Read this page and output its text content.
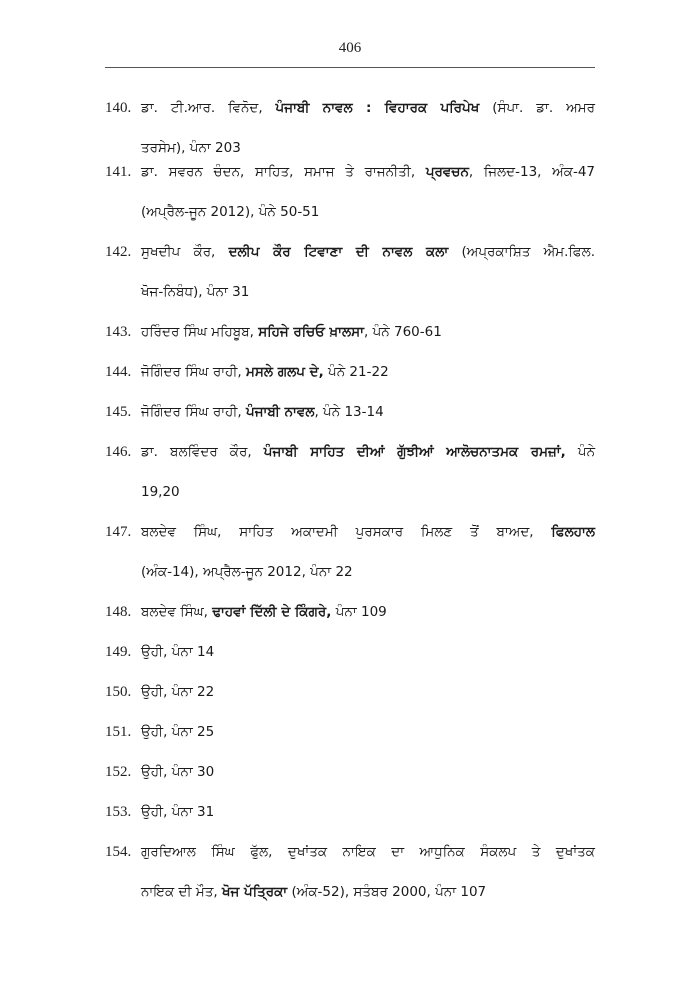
406
140. ਡਾ. ਟੀ.ਆਰ. ਵਿਨੋਦ, ਪੰਜਾਬੀ ਨਾਵਲ : ਵਿਹਾਰਕ ਪਰਿਪੇਖ (ਸੰਪਾ. ਡਾ. ਅਮਰ
ਤਰਸੇਮ), ਪੰਨਾ 203
141. ਡਾ. ਸਵਰਨ ਚੰਦਨ, ਸਾਹਿਤ, ਸਮਾਜ ਤੇ ਰਾਜਨੀਤੀ, ਪ੍ਰਵਚਨ, ਜਿਲਦ-13, ਅੰਕ-47
(ਅਪ੍ਰੈਲ-ਜੂਨ 2012), ਪੰਨੇ 50-51
142. ਸੁਖਦੀਪ ਕੌਰ, ਦਲੀਪ ਕੌਰ ਟਿਵਾਣਾ ਦੀ ਨਾਵਲ ਕਲਾ (ਅਪ੍ਰਕਾਸ਼ਿਤ ਐਮ.ਫਿਲ.
ਖੋਜ-ਨਿਬੰਧ), ਪੰਨਾ 31
143. ਹਰਿੰਦਰ ਸਿੰਘ ਮਹਿਬੂਬ, ਸਹਿਜੇ ਰਚਿਓ ਖ਼ਾਲਸਾ, ਪੰਨੇ 760-61
144. ਜੋਗਿੰਦਰ ਸਿੰਘ ਰਾਹੀ, ਮਸਲੇ ਗਲਪ ਦੇ, ਪੰਨੇ 21-22
145. ਜੋਗਿੰਦਰ ਸਿੰਘ ਰਾਹੀ, ਪੰਜਾਬੀ ਨਾਵਲ, ਪੰਨੇ 13-14
146. ਡਾ. ਬਲਵਿੰਦਰ ਕੌਰ, ਪੰਜਾਬੀ ਸਾਹਿਤ ਦੀਆਂ ਗੁੱਝੀਆਂ ਆਲੋਚਨਾਤਮਕ ਰਮਜ਼ਾਂ, ਪੰਨੇ
19,20
147. ਬਲਦੇਵ ਸਿੰਘ, ਸਾਹਿਤ ਅਕਾਦਮੀ ਪੁਰਸਕਾਰ ਮਿਲਣ ਤੋਂ ਬਾਅਦ, ਫਿਲਹਾਲ
(ਅੰਕ-14), ਅਪ੍ਰੈਲ-ਜੂਨ 2012, ਪੰਨਾ 22
148. ਬਲਦੇਵ ਸਿੰਘ, ਢਾਹਵਾਂ ਦਿੱਲੀ ਦੇ ਕਿੰਗਰੇ, ਪੰਨਾ 109
149. ਉਹੀ, ਪੰਨਾ 14
150. ਉਹੀ, ਪੰਨਾ 22
151. ਉਹੀ, ਪੰਨਾ 25
152. ਉਹੀ, ਪੰਨਾ 30
153. ਉਹੀ, ਪੰਨਾ 31
154. ਗੁਰਦਿਆਲ ਸਿੰਘ ਫੁੱਲ, ਦੁਖਾਂਤਕ ਨਾਇਕ ਦਾ ਆਧੁਨਿਕ ਸੰਕਲਪ ਤੇ ਦੁਖਾਂਤਕ
ਨਾਇਕ ਦੀ ਮੌਤ, ਖੋਜ ਪੱਤ੍ਰਿਕਾ (ਅੰਕ-52), ਸਤੰਬਰ 2000, ਪੰਨਾ 107
